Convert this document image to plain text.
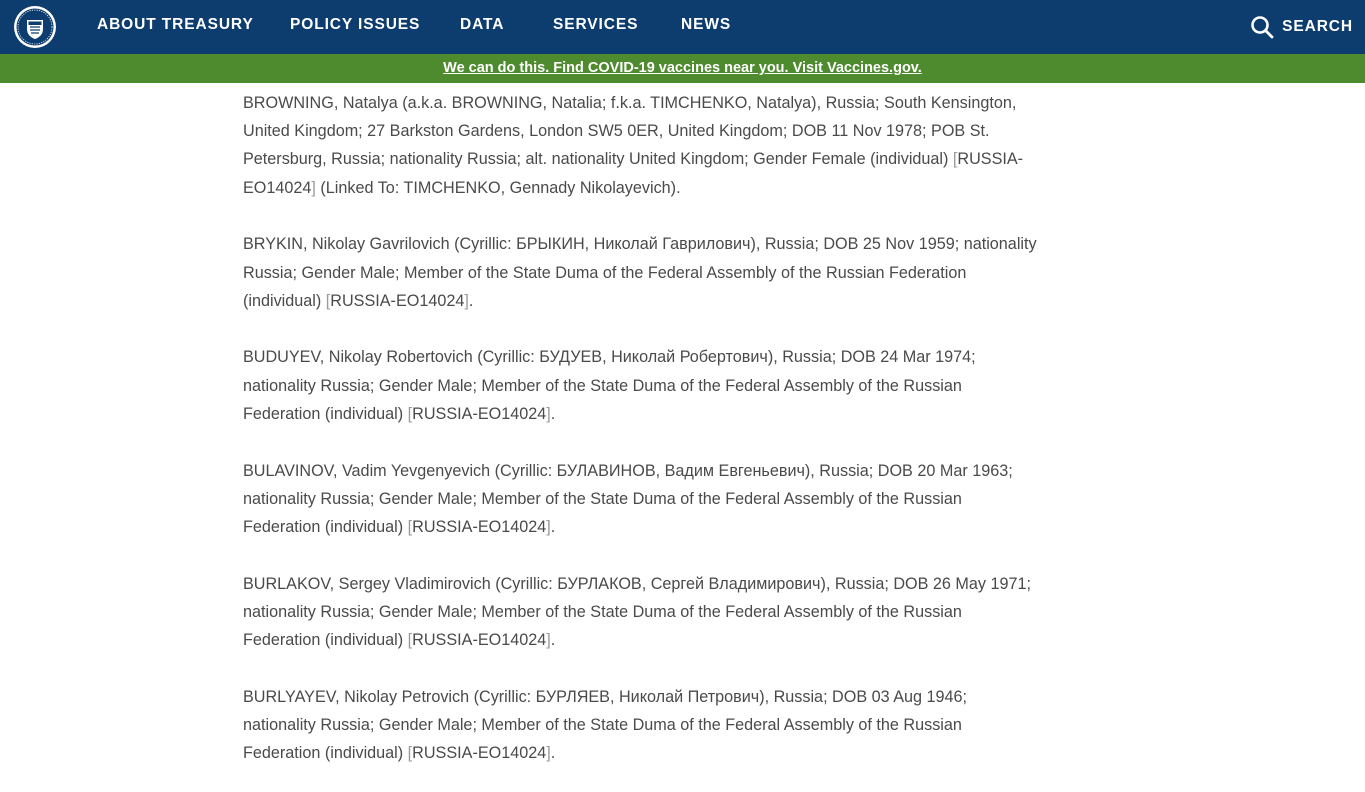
ABOUT TREASURY POLICY ISSUES	DATA	SERVICES	NEWS	SEARCH
We can do this. Find COVID-19 vaccines near you. Visit Vaccines.gov.

BROWNING, Natalya (a.k.a. BROWNING, Natalia; f.k.a. TIMCHENKO, Natalya), Russia; South Kensington, United Kingdom; 27 Barkston Gardens, London SW5 0ER, United Kingdom; DOB 11 Nov 1978; POB St. Petersburg, Russia; nationality Russia; alt. nationality United Kingdom; Gender Female (individual) [RUSSIA-EO14024] (Linked To: TIMCHENKO, Gennady Nikolayevich).

BRYKIN, Nikolay Gavrilovich (Cyrillic: БРЫКИН, Николай Гаврилович), Russia; DOB 25 Nov 1959; nationality Russia; Gender Male; Member of the State Duma of the Federal Assembly of the Russian Federation (individual) [RUSSIA-EO14024].

BUDUYEV, Nikolay Robertovich (Cyrillic: БУДУЕВ, Николай Робертович), Russia; DOB 24 Mar 1974; nationality Russia; Gender Male; Member of the State Duma of the Federal Assembly of the Russian Federation (individual) [RUSSIA-EO14024].

BULAVINOV, Vadim Yevgenyevich (Cyrillic: БУЛАВИНОВ, Вадим Евгеньевич), Russia; DOB 20 Mar 1963; nationality Russia; Gender Male; Member of the State Duma of the Federal Assembly of the Russian Federation (individual) [RUSSIA-EO14024].

BURLAKOV, Sergey Vladimirovich (Cyrillic: БУРЛАКОВ, Сергей Владимирович), Russia; DOB 26 May 1971; nationality Russia; Gender Male; Member of the State Duma of the Federal Assembly of the Russian Federation (individual) [RUSSIA-EO14024].

BURLYAYEV, Nikolay Petrovich (Cyrillic: БУРЛЯЕВ, Николай Петрович), Russia; DOB 03 Aug 1946; nationality Russia; Gender Male; Member of the State Duma of the Federal Assembly of the Russian Federation (individual) [RUSSIA-EO14024].
